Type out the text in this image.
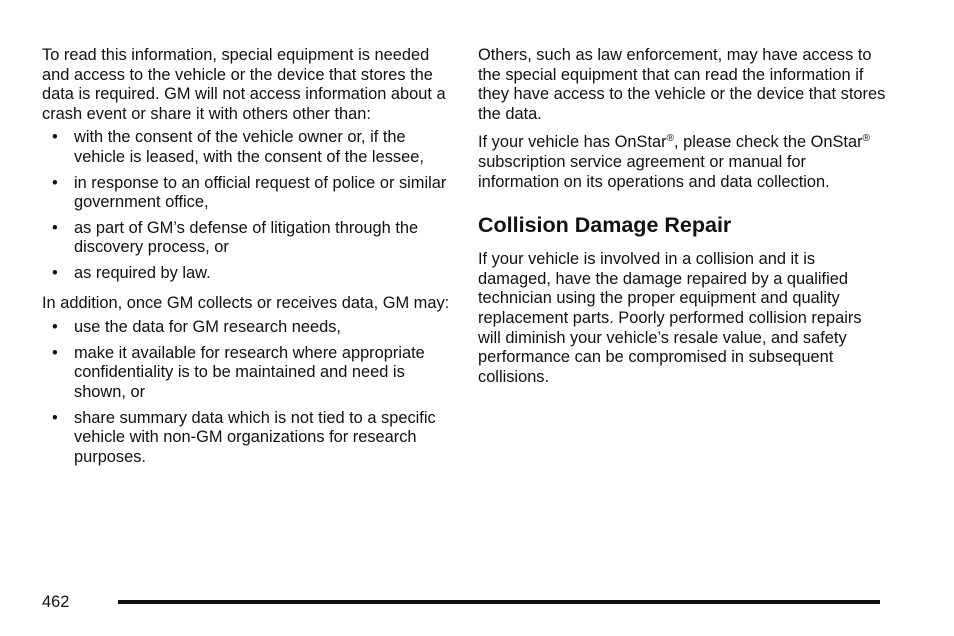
To read this information, special equipment is needed and access to the vehicle or the device that stores the data is required. GM will not access information about a crash event or share it with others other than:

• with the consent of the vehicle owner or, if the vehicle is leased, with the consent of the lessee,
• in response to an official request of police or similar government office,
• as part of GM’s defense of litigation through the discovery process, or
• as required by law.

In addition, once GM collects or receives data, GM may:

• use the data for GM research needs,
• make it available for research where appropriate confidentiality is to be maintained and need is shown, or
• share summary data which is not tied to a specific vehicle with non-GM organizations for research purposes.

Others, such as law enforcement, may have access to the special equipment that can read the information if they have access to the vehicle or the device that stores the data.

If your vehicle has OnStar®, please check the OnStar® subscription service agreement or manual for information on its operations and data collection.

Collision Damage Repair

If your vehicle is involved in a collision and it is damaged, have the damage repaired by a qualified technician using the proper equipment and quality replacement parts. Poorly performed collision repairs will diminish your vehicle’s resale value, and safety performance can be compromised in subsequent collisions.

462
